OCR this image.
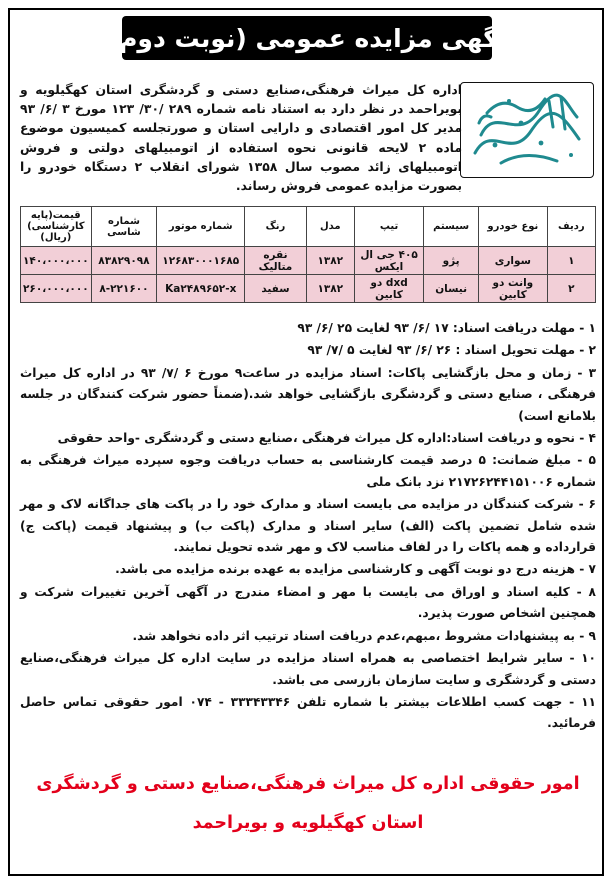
آگهی مزایده عمومی (نوبت دوم)
اداره کل میراث فرهنگی،صنایع دستی و گردشگری استان کهگیلویه و بویراحمد در نظر دارد به استناد نامه شماره ۲۸۹ /۳۰/ ۱۲۳ مورخ ۳ /۶/ ۹۳ مدیر کل امور اقتصادی و دارایی استان و صورتجلسه کمیسیون موضوع ماده ۲ لایحه قانونی نحوه استفاده از اتومبیلهای دولتی و فروش اتومبیلهای زائد مصوب سال ۱۳۵۸ شورای انقلاب ۲ دستگاه خودرو را بصورت مزایده عمومی فروش رساند.
ردیف	نوع خودرو	سیستم	تیپ	مدل	رنگ	شماره موتور	شماره شاسی	قیمت(پایه کارشناسی) (ریال)
۱	سواری	پژو	۴۰۵ جی ال ایکس	۱۳۸۲	نقره متالیک	۱۲۶۸۳۰۰۰۱۶۸۵	۸۳۸۲۹۰۹۸	۱۴۰،۰۰۰،۰۰۰
۲	وانت دو کابین	نیسان	dxd دو کابین	۱۳۸۲	سفید	Ka۲۴۸۹۶۵۲-x	۸-۲۲۱۶۰۰	۲۶۰،۰۰۰،۰۰۰

۱ - مهلت دریافت اسناد: ۱۷ /۶/ ۹۳ لغایت ۲۵ /۶/ ۹۳

۲ - مهلت تحویل اسناد : ۲۶ /۶/ ۹۳ لغایت ۵ /۷/ ۹۳

۳ - زمان و محل بازگشایی پاکات: اسناد مزایده در ساعت۹ مورخ ۶ /۷/ ۹۳ در اداره کل میراث فرهنگی ، صنایع دستی و گردشگری بازگشایی خواهد شد.(ضمناً حضور شرکت کنندگان در جلسه بلامانع است)

۴ - نحوه و دریافت اسناد:اداره کل میراث فرهنگی ،صنایع دستی و گردشگری -واحد حقوقی

۵ - مبلغ ضمانت: ۵ درصد قیمت کارشناسی به حساب دریافت وجوه سپرده میراث فرهنگی به شماره ۲۱۷۲۶۲۴۴۱۵۱۰۰۶ نزد بانک ملی

۶ - شرکت کنندگان در مزایده می بایست اسناد و مدارک خود را در پاکت های جداگانه لاک و مهر شده شامل تضمین پاکت (الف) سایر اسناد و مدارک (پاکت ب) و پیشنهاد قیمت (پاکت ج) قرارداده و همه پاکات را در لفاف مناسب لاک و مهر شده تحویل نمایند.

۷ - هزینه درج دو نوبت آگهی و کارشناسی مزایده به عهده برنده مزایده می باشد.

۸ - کلیه اسناد و اوراق می بایست با مهر و امضاء مندرج در آگهی آخرین تغییرات شرکت و همچنین اشخاص صورت پذیرد.

۹ - به پیشنهادات مشروط ،مبهم،عدم دریافت اسناد ترتیب اثر داده نخواهد شد.

۱۰ - سایر شرایط اختصاصی به همراه اسناد مزایده در سایت اداره کل میراث فرهنگی،صنایع دستی و گردشگری و سایت سازمان بازرسی می باشد.

۱۱ - جهت کسب اطلاعات بیشتر با شماره تلفن ۳۳۳۴۳۳۴۶ - ۰۷۴ امور حقوقی تماس حاصل فرمائید.

امور حقوقی اداره کل میراث فرهنگی،صنایع دستی و گردشگری
استان کهگیلویه و بویراحمد
